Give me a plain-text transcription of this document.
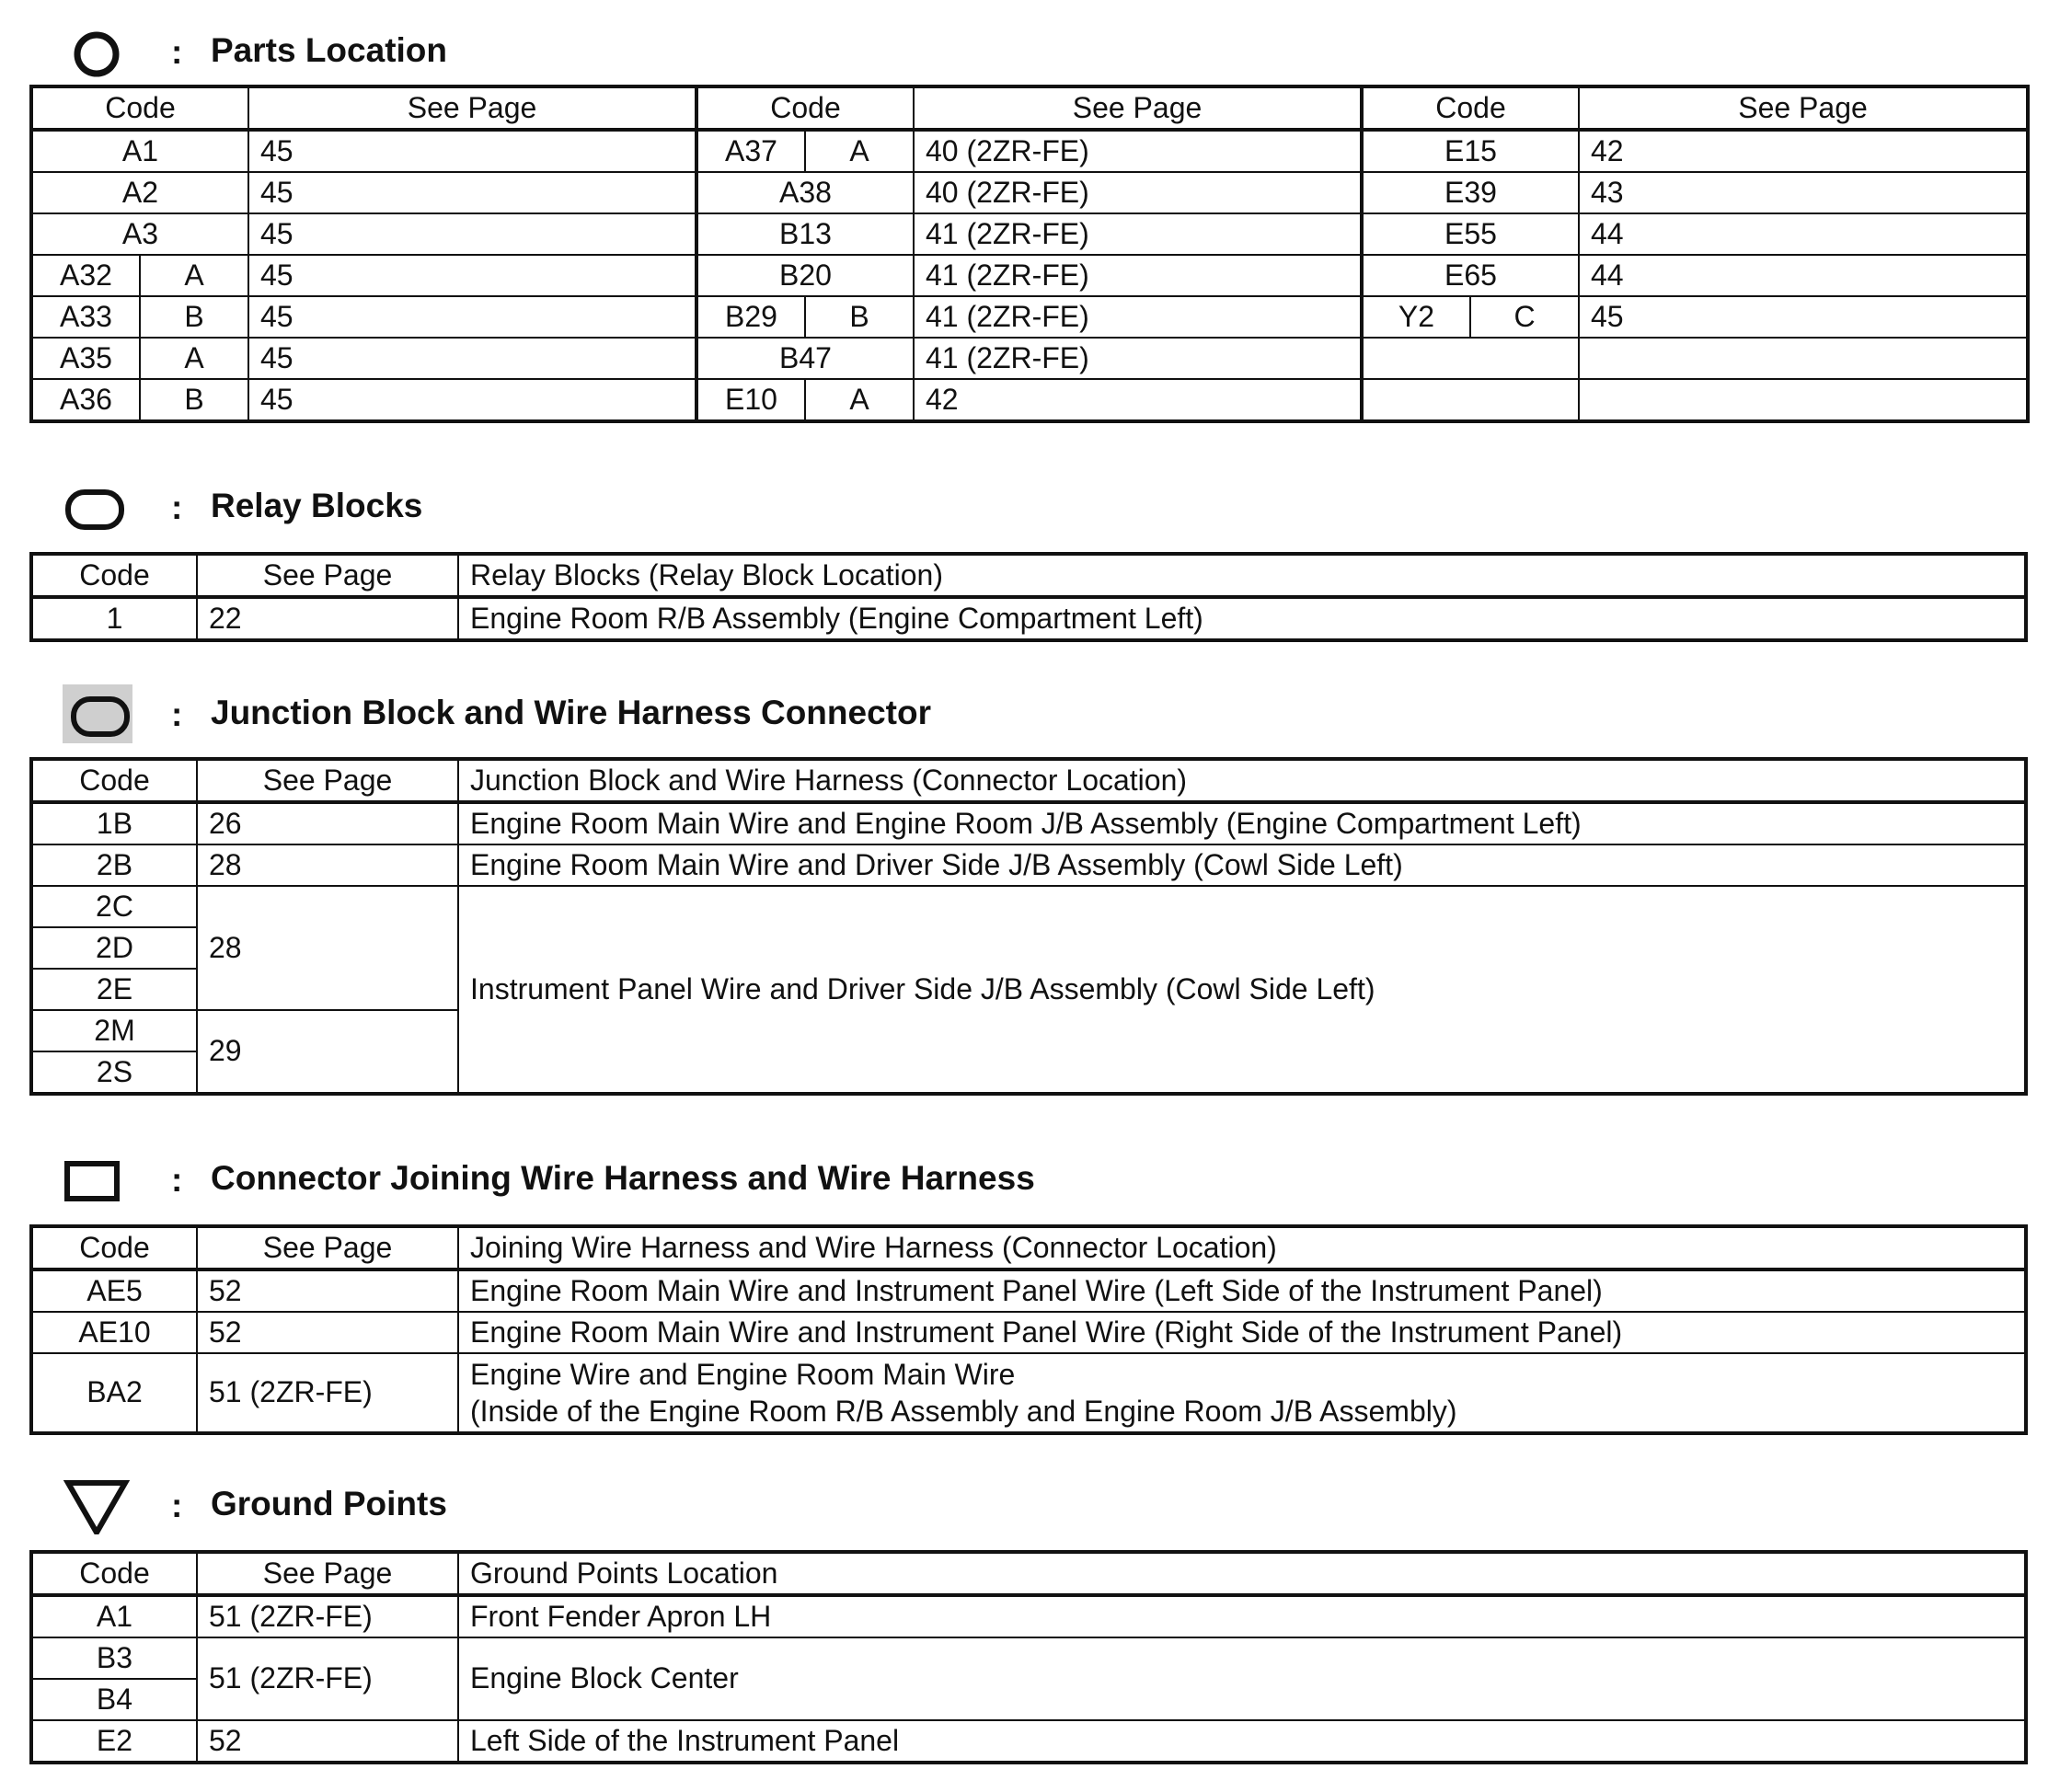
: Parts Location
Code		See Page	Code		See Page	Code		See Page
A1		45	A37	A	40 (2ZR-FE)	E15		42
A2		45	A38		40 (2ZR-FE)	E39		43
A3		45	B13		41 (2ZR-FE)	E55		44
A32	A	45	B20		41 (2ZR-FE)	E65		44
A33	B	45	B29	B	41 (2ZR-FE)	Y2	C	45
A35	A	45	B47		41 (2ZR-FE)			
A36	B	45	E10	A	42			
: Relay Blocks
Code	See Page	Relay Blocks (Relay Block Location)
1	22	Engine Room R/B Assembly (Engine Compartment Left)
: Junction Block and Wire Harness Connector
Code	See Page	Junction Block and Wire Harness (Connector Location)
1B	26	Engine Room Main Wire and Engine Room J/B Assembly (Engine Compartment Left)
2B	28	Engine Room Main Wire and Driver Side J/B Assembly (Cowl Side Left)
2C	28	Instrument Panel Wire and Driver Side J/B Assembly (Cowl Side Left)
2D		
2E		
2M	29	
2S		
: Connector Joining Wire Harness and Wire Harness
Code	See Page	Joining Wire Harness and Wire Harness (Connector Location)
AE5	52	Engine Room Main Wire and Instrument Panel Wire (Left Side of the Instrument Panel)
AE10	52	Engine Room Main Wire and Instrument Panel Wire (Right Side of the Instrument Panel)
BA2	51 (2ZR-FE)	Engine Wire and Engine Room Main Wire
(Inside of the Engine Room R/B Assembly and Engine Room J/B Assembly)
: Ground Points
Code	See Page	Ground Points Location
A1	51 (2ZR-FE)	Front Fender Apron LH
B3	51 (2ZR-FE)	Engine Block Center
B4		
E2	52	Left Side of the Instrument Panel
